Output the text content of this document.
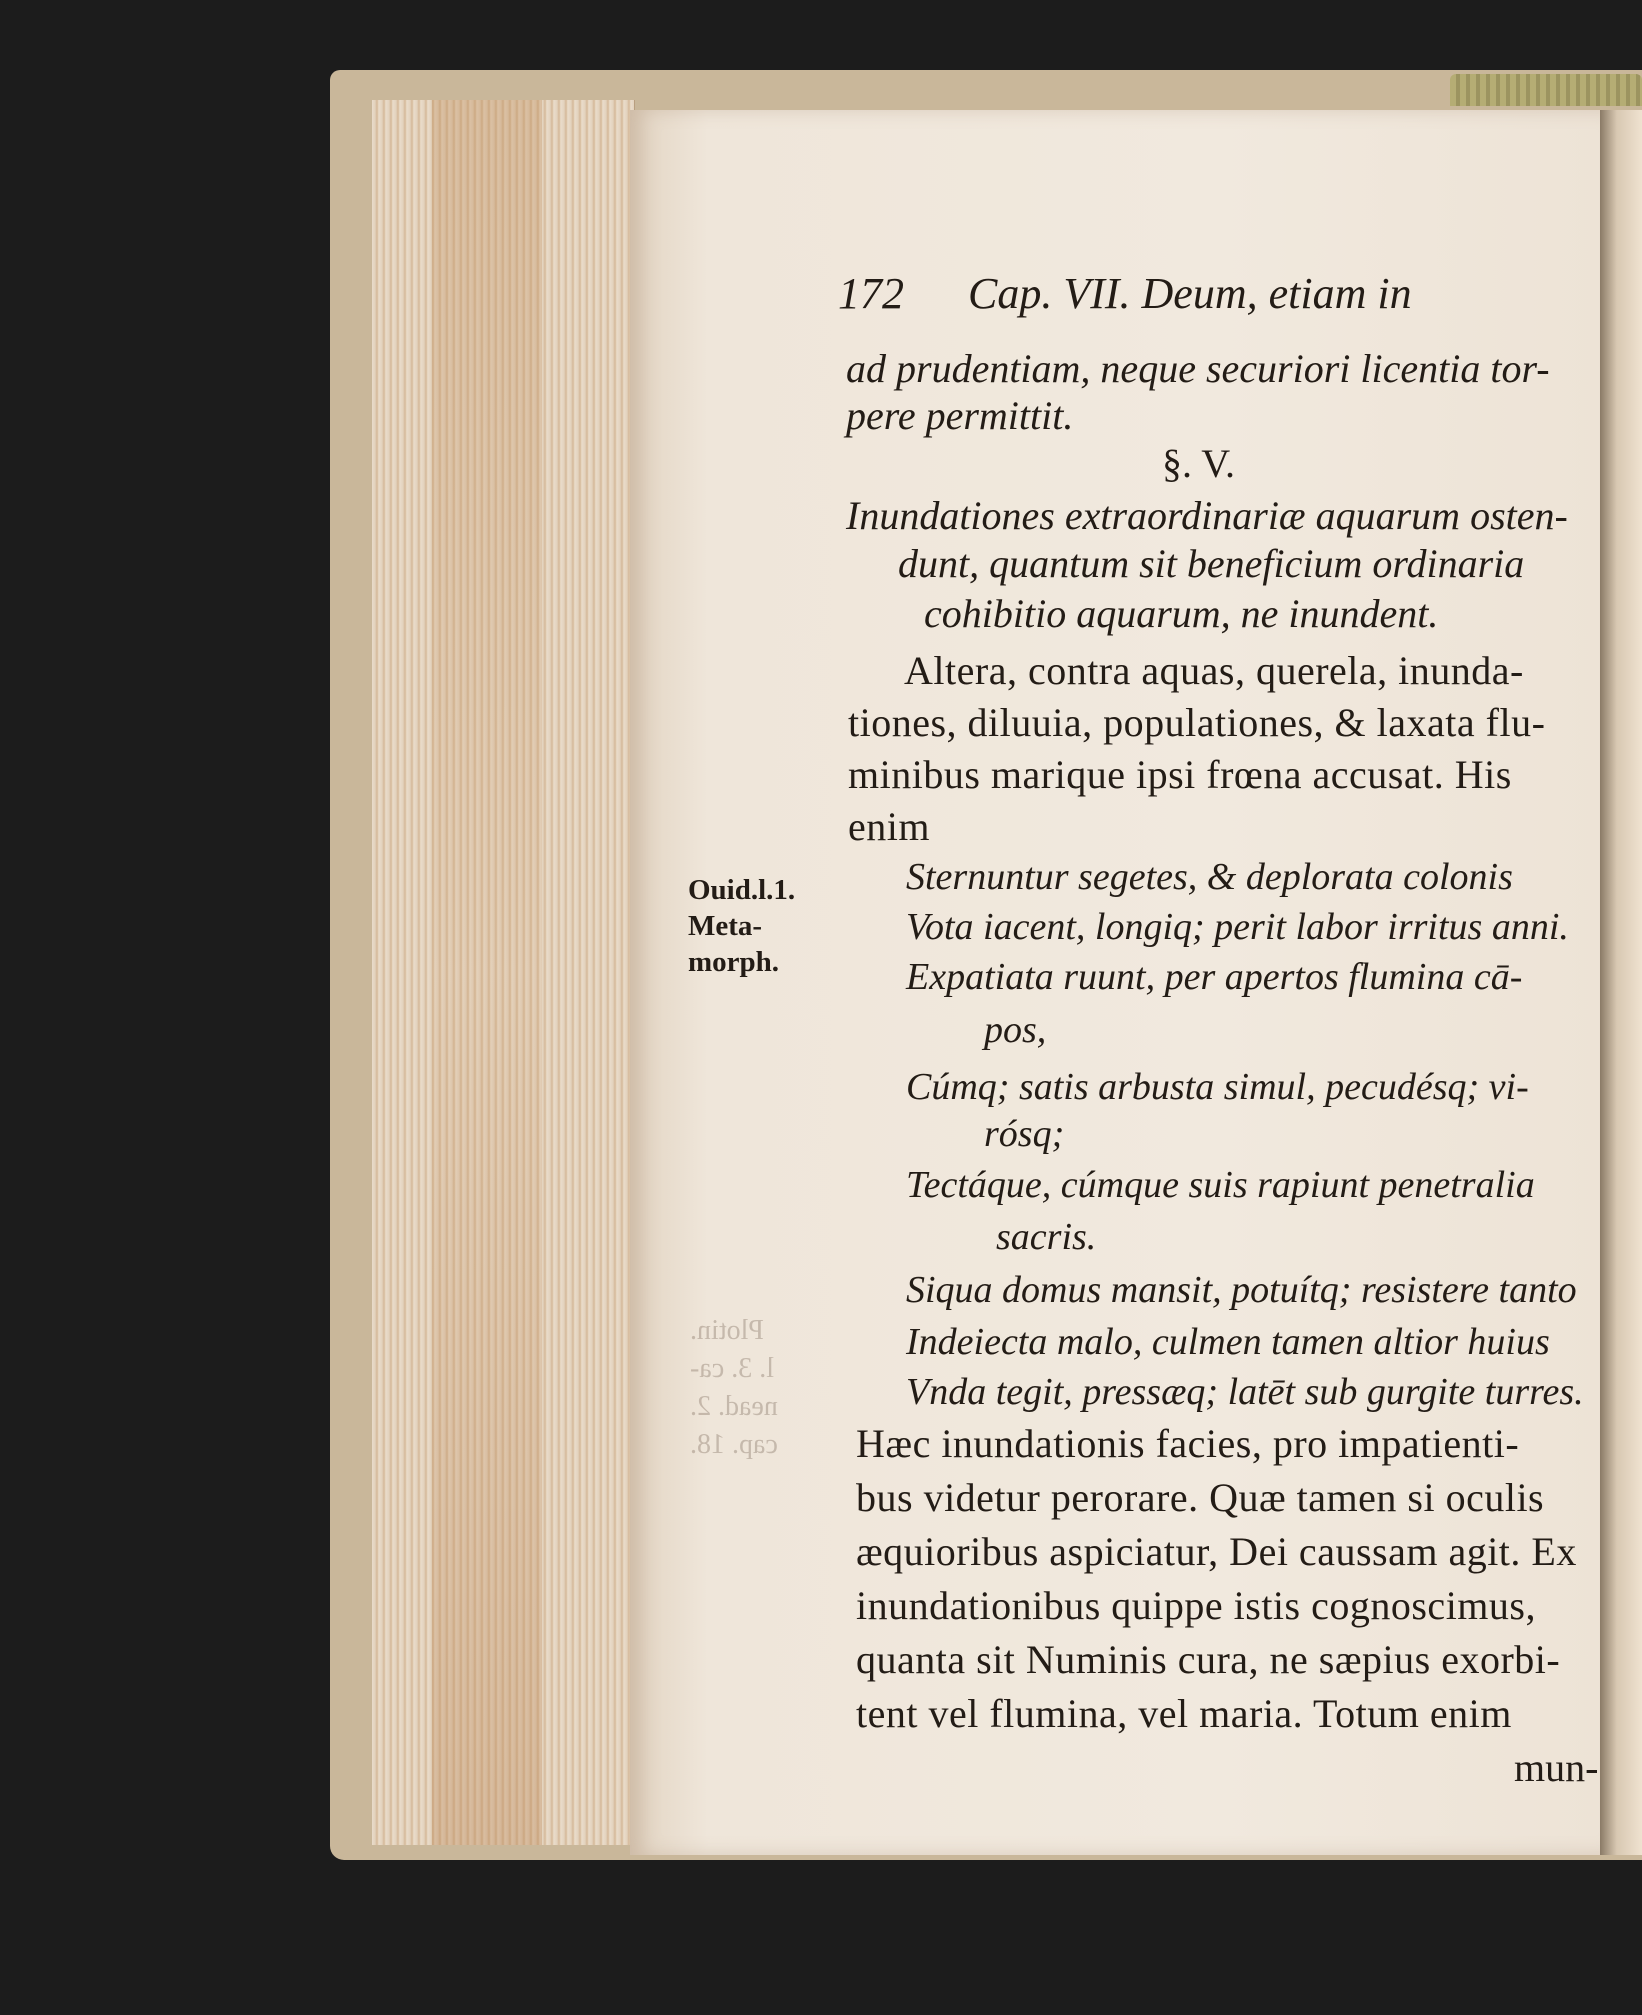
172 Cap. VII. Deum, etiam in
ad prudentiam, neque securiori licentia tor-
pere permittit.
§. V.
Inundationes extraordinariæ aquarum osten-
dunt, quantum sit beneficium ordinaria
cohibitio aquarum, ne inundent.
Altera, contra aquas, querela, inunda-
tiones, diluuia, populationes, & laxata flu-
minibus marique ipsi frœna accusat. His
enim
Ouid.l.1.
Meta-
morph.
Sternuntur segetes, & deplorata colonis
Vota iacent, longiq; perit labor irritus anni.
Expatiata ruunt, per apertos flumina cā-
pos,
Cúmq; satis arbusta simul, pecudésq; vi-
rósq;
Tectáque, cúmque suis rapiunt penetralia
sacris.
Siqua domus mansit, potuítq; resistere tanto
Indeiecta malo, culmen tamen altior huius
Vnda tegit, pressæq; latēt sub gurgite turres.
Hæc inundationis facies, pro impatienti-
bus videtur perorare. Quæ tamen si oculis
æquioribus aspiciatur, Dei caussam agit. Ex
inundationibus quippe istis cognoscimus,
quanta sit Numinis cura, ne sæpius exorbi-
tent vel flumina, vel maria. Totum enim
mun-
Plotin.
l. 3. ca-
nead. 2.
cap. 18.
